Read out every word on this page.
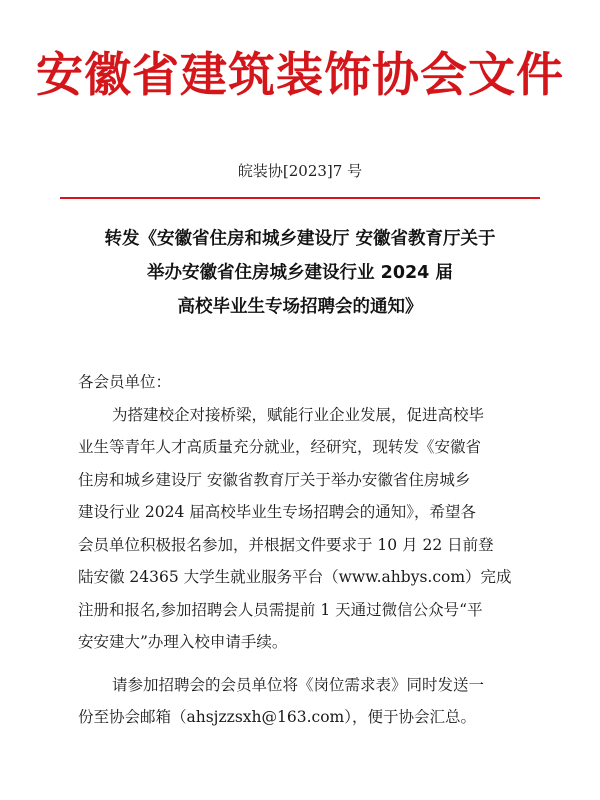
安徽省建筑装饰协会文件
皖装协[2023]7 号
转发《安徽省住房和城乡建设厅 安徽省教育厅关于
举办安徽省住房城乡建设行业 2024 届
高校毕业生专场招聘会的通知》
各会员单位：
为搭建校企对接桥梁，赋能行业企业发展，促进高校毕
业生等青年人才高质量充分就业，经研究，现转发《安徽省
住房和城乡建设厅 安徽省教育厅关于举办安徽省住房城乡
建设行业 2024 届高校毕业生专场招聘会的通知》，希望各
会员单位积极报名参加，并根据文件要求于 10 月 22 日前登
陆安徽 24365 大学生就业服务平台（www.ahbys.com）完成
注册和报名,参加招聘会人员需提前 1 天通过微信公众号“平
安安建大”办理入校申请手续。
请参加招聘会的会员单位将《岗位需求表》同时发送一
份至协会邮箱（ahsjzzsxh@163.com），便于协会汇总。
